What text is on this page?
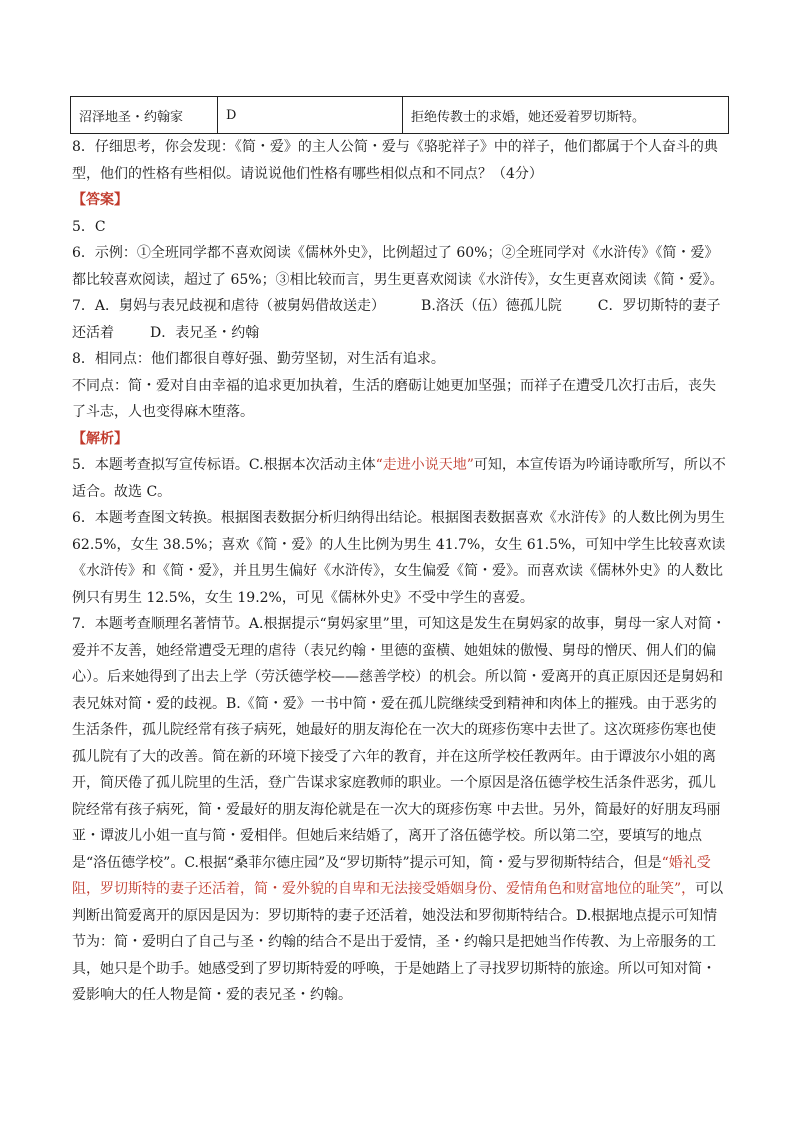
沼泽地圣・约翰家	D	拒绝传教士的求婚，她还爱着罗切斯特。

8．仔细思考，你会发现：《简・爱》的主人公简・爱与《骆驼祥子》中的祥子，他们都属于个人奋斗的典型，他们的性格有些相似。请说说他们性格有哪些相似点和不同点？（4分）

【答案】

5．C

6．示例：①全班同学都不喜欢阅读《儒林外史》，比例超过了 60%；②全班同学对《水浒传》《简・爱》都比较喜欢阅读，超过了 65%；③相比较而言，男生更喜欢阅读《水浒传》，女生更喜欢阅读《简・爱》。

7．A．舅妈与表兄歧视和虐待（被舅妈借故送走）	B.洛沃（伍）德孤儿院	C．罗切斯特的妻子还活着	D．表兄圣・约翰

8．相同点：他们都很自尊好强、勤劳坚韧，对生活有追求。

不同点：简・爱对自由幸福的追求更加执着，生活的磨砺让她更加坚强；而祥子在遭受几次打击后，丧失了斗志，人也变得麻木堕落。

【解析】

5．本题考查拟写宣传标语。C.根据本次活动主体“走进小说天地”可知，本宣传语为吟诵诗歌所写，所以不适合。故选 C。

6．本题考查图文转换。根据图表数据分析归纳得出结论。根据图表数据喜欢《水浒传》的人数比例为男生 62.5%，女生 38.5%；喜欢《简・爱》的人生比例为男生 41.7%，女生 61.5%，可知中学生比较喜欢读《水浒传》和《简・爱》，并且男生偏好《水浒传》，女生偏爱《简・爱》。而喜欢读《儒林外史》的人数比例只有男生 12.5%，女生 19.2%，可见《儒林外史》不受中学生的喜爱。

7．本题考查顺理名著情节。A.根据提示“舅妈家里”里，可知这是发生在舅妈家的故事，舅母一家人对简・爱并不友善，她经常遭受无理的虐待（表兄约翰・里德的蛮横、她姐妹的傲慢、舅母的憎厌、佣人们的偏心）。后来她得到了出去上学（劳沃德学校——慈善学校）的机会。所以简・爱离开的真正原因还是舅妈和表兄妹对简・爱的歧视。B.《简・爱》一书中简・爱在孤儿院继续受到精神和肉体上的摧残。由于恶劣的生活条件，孤儿院经常有孩子病死，她最好的朋友海伦在一次大的斑疹伤寒中去世了。这次斑疹伤寒也使孤儿院有了大的改善。简在新的环境下接受了六年的教育，并在这所学校任教两年。由于谭波尔小姐的离开，简厌倦了孤儿院里的生活，登广告谋求家庭教师的职业。一个原因是洛伍德学校生活条件恶劣，孤儿院经常有孩子病死，简・爱最好的朋友海伦就是在一次大的斑疹伤寒 中去世。另外，简最好的好朋友玛丽亚・谭波儿小姐一直与简・爱相伴。但她后来结婚了，离开了洛伍德学校。所以第二空，要填写的地点是“洛伍德学校”。C.根据“桑菲尔德庄园”及“罗切斯特”提示可知，简・爱与罗彻斯特结合，但是“婚礼受阻，罗切斯特的妻子还活着，简・爱外貌的自卑和无法接受婚姻身份、爱情角色和财富地位的耻笑”，可以判断出简爱离开的原因是因为：罗切斯特的妻子还活着，她没法和罗彻斯特结合。D.根据地点提示可知情节为：简・爱明白了自己与圣・约翰的结合不是出于爱情，圣・约翰只是把她当作传教、为上帝服务的工具，她只是个助手。她感受到了罗切斯特爱的呼唤，于是她踏上了寻找罗切斯特的旅途。所以可知对简・爱影响大的任人物是简・爱的表兄圣・约翰。
